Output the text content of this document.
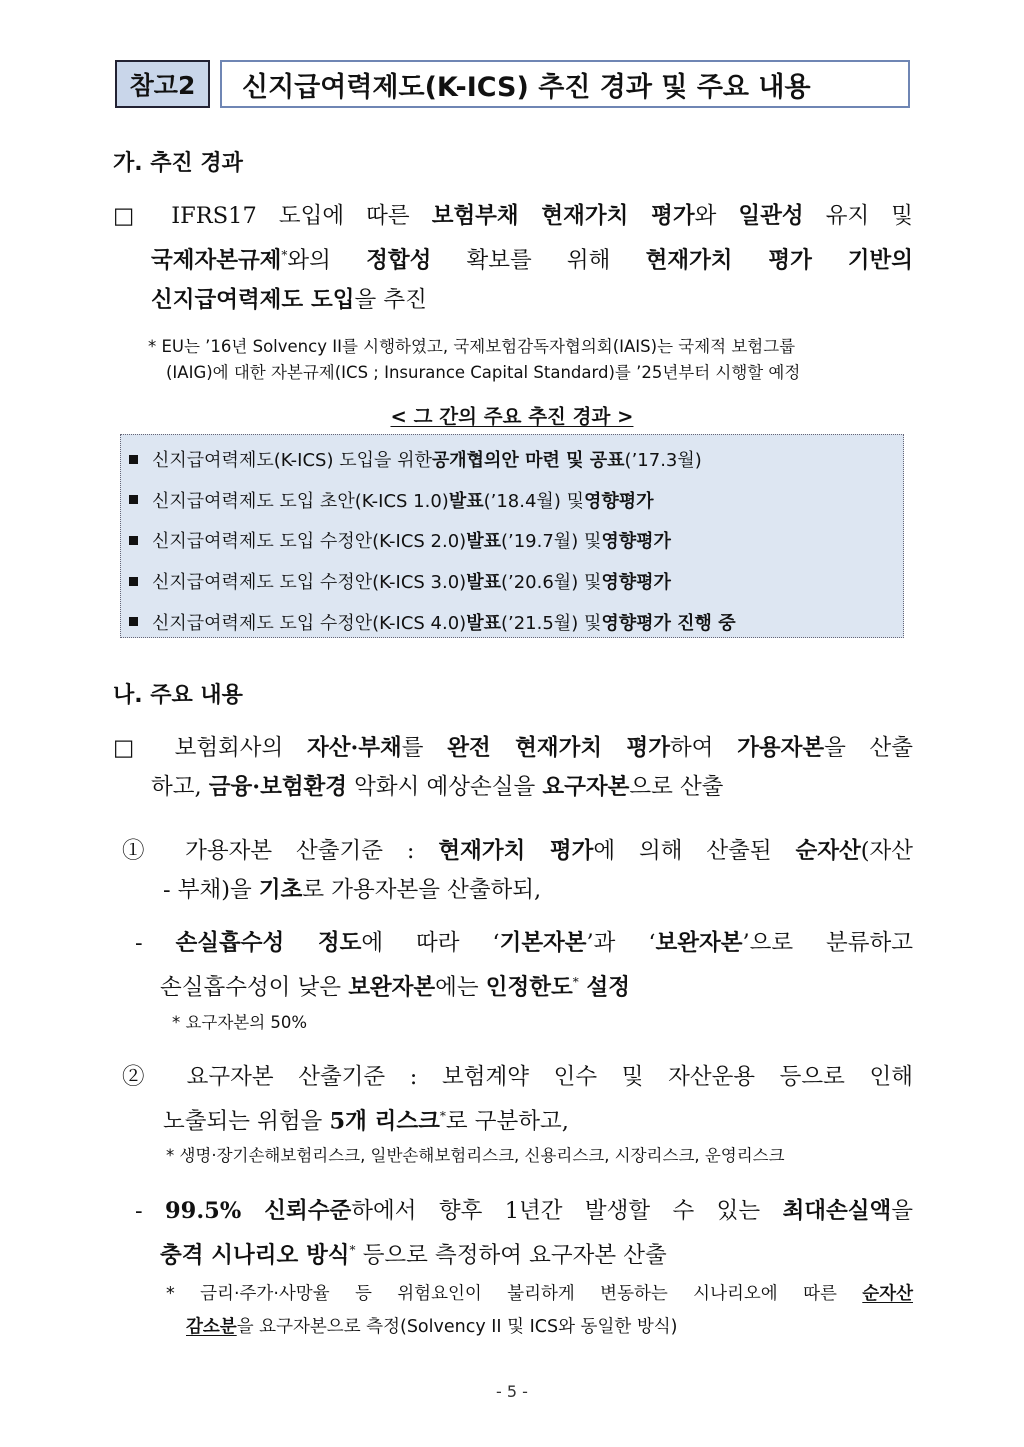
참고2	신지급여력제도(K-ICS) 추진 경과 및 주요 내용
가. 추진 경과
□ IFRS17 도입에 따른 보험부채 현재가치 평가와 일관성 유지 및
국제자본규제*와의 정합성 확보를 위해 현재가치 평가 기반의
신지급여력제도 도입을 추진
* EU는 ’16년 Solvency II를 시행하였고, 국제보험감독자협의회(IAIS)는 국제적 보험그룹
(IAIG)에 대한 자본규제(ICS ; Insurance Capital Standard)를 ’25년부터 시행할 예정
< 그 간의 주요 추진 경과 >
신지급여력제도(K-ICS) 도입을 위한 공개협의안 마련 및 공표 (’17.3월)
신지급여력제도 도입 초안(K-ICS 1.0) 발표 (’18.4월) 및 영향평가
신지급여력제도 도입 수정안(K-ICS 2.0) 발표 (’19.7월) 및 영향평가
신지급여력제도 도입 수정안(K-ICS 3.0) 발표 (’20.6월) 및 영향평가
신지급여력제도 도입 수정안(K-ICS 4.0) 발표 (’21.5월) 및 영향평가 진행 중
나. 주요 내용
□ 보험회사의 자산·부채를 완전 현재가치 평가하여 가용자본을 산출
하고, 금융·보험환경 악화시 예상손실을 요구자본으로 산출
① 가용자본 산출기준 : 현재가치 평가에 의해 산출된 순자산(자산
- 부채)을 기초로 가용자본을 산출하되,
- 손실흡수성 정도에 따라 ‘기본자본’과 ‘보완자본’으로 분류하고
손실흡수성이 낮은 보완자본에는 인정한도* 설정
* 요구자본의 50%
② 요구자본 산출기준 : 보험계약 인수 및 자산운용 등으로 인해
노출되는 위험을 5개 리스크*로 구분하고,
* 생명·장기손해보험리스크, 일반손해보험리스크, 신용리스크, 시장리스크, 운영리스크
- 99.5% 신뢰수준하에서 향후 1년간 발생할 수 있는 최대손실액을
충격 시나리오 방식* 등으로 측정하여 요구자본 산출
* 금리·주가·사망율 등 위험요인이 불리하게 변동하는 시나리오에 따른 순자산
감소분을 요구자본으로 측정(Solvency II 및 ICS와 동일한 방식)
- 5 -
